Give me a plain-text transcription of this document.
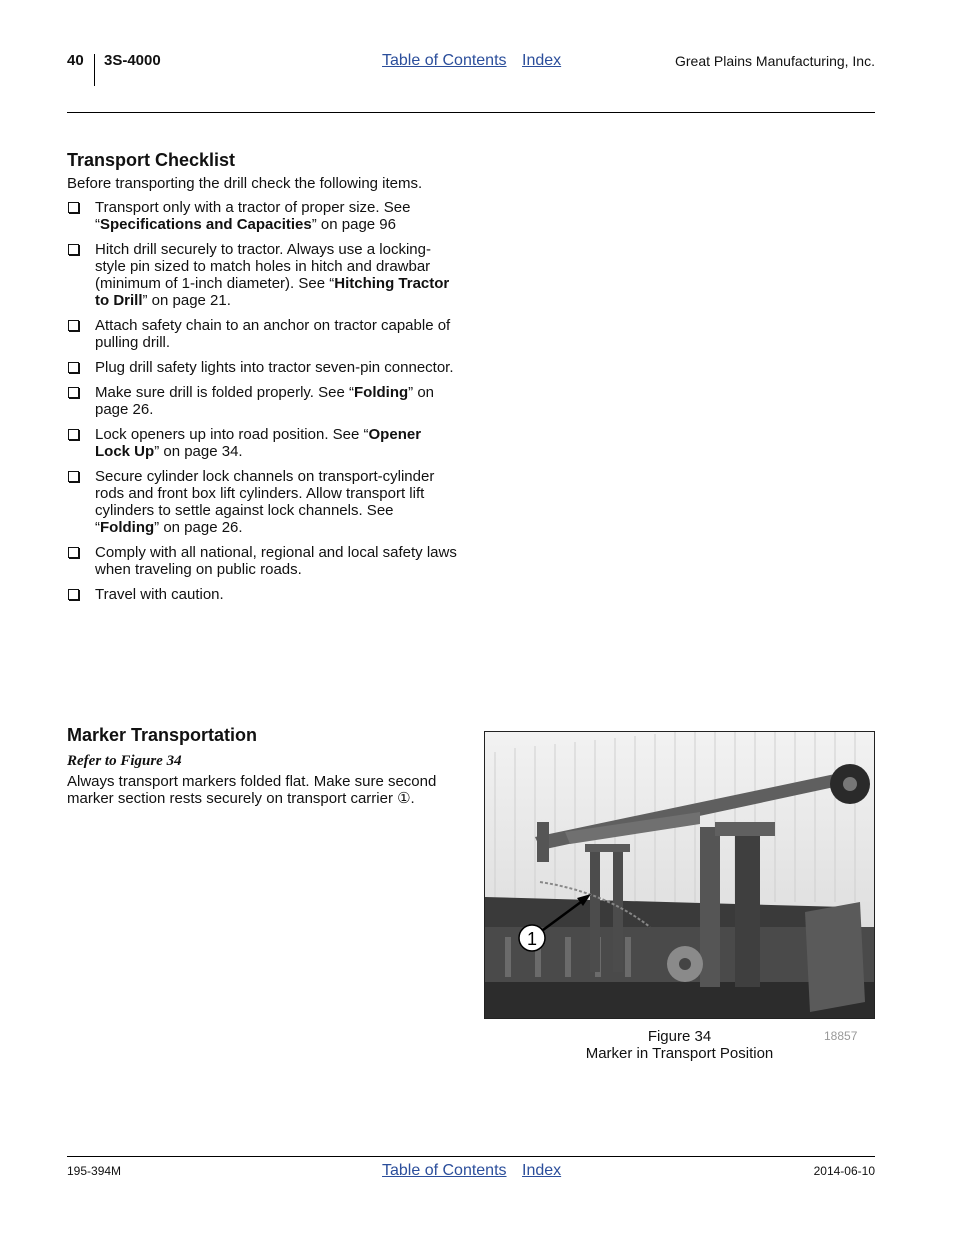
40 3S-4000	Table of Contents Index	Great Plains Manufacturing, Inc.
Transport Checklist
Before transporting the drill check the following items.
Transport only with a tractor of proper size. See “Specifications and Capacities” on page 96
Hitch drill securely to tractor. Always use a locking-style pin sized to match holes in hitch and drawbar (minimum of 1-inch diameter). See “Hitching Tractor to Drill” on page 21.
Attach safety chain to an anchor on tractor capable of pulling drill.
Plug drill safety lights into tractor seven-pin connector.
Make sure drill is folded properly. See “Folding” on page 26.
Lock openers up into road position. See “Opener Lock Up” on page 34.
Secure cylinder lock channels on transport-cylinder rods and front box lift cylinders. Allow transport lift cylinders to settle against lock channels. See “Folding” on page 26.
Comply with all national, regional and local safety laws when traveling on public roads.
Travel with caution.
Marker Transportation
Refer to Figure 34
Always transport markers folded flat. Make sure second marker section rests securely on transport carrier ①.
1
Figure 34
Marker in Transport Position
18857
195-394M	Table of Contents Index	2014-06-10
